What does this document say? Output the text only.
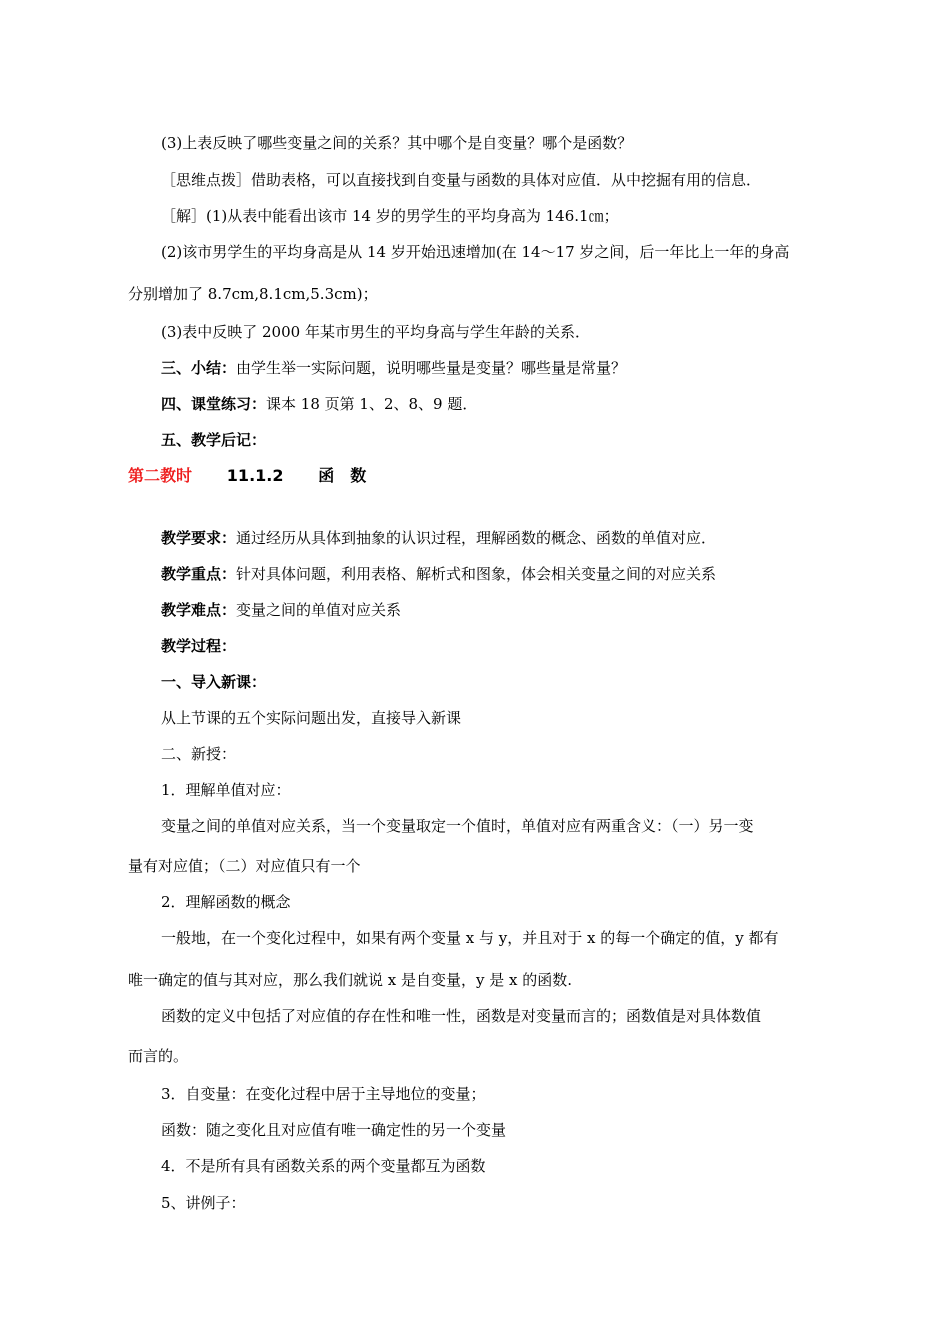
(3)上表反映了哪些变量之间的关系？其中哪个是自变量？哪个是函数？
［思维点拨］借助表格，可以直接找到自变量与函数的具体对应值．从中挖掘有用的信息．
［解］(1)从表中能看出该市 14 岁的男学生的平均身高为 146.1㎝；
(2)该市男学生的平均身高是从 14 岁开始迅速增加(在 14～17 岁之间，后一年比上一年的身高
分别增加了 8.7cm,8.1cm,5.3cm)；
(3)表中反映了 2000 年某市男生的平均身高与学生年龄的关系．
三、小结：由学生举一实际问题，说明哪些量是变量？哪些量是常量？
四、课堂练习：课本 18 页第 1、2、8、9 题．
五、教学后记：
第二教时 11.1.2 函　数
教学要求：通过经历从具体到抽象的认识过程，理解函数的概念、函数的单值对应．
教学重点：针对具体问题，利用表格、解析式和图象，体会相关变量之间的对应关系
教学难点：变量之间的单值对应关系
教学过程：
一、导入新课：
从上节课的五个实际问题出发，直接导入新课
二、新授：
1．理解单值对应：
变量之间的单值对应关系，当一个变量取定一个值时，单值对应有两重含义：（一）另一变
量有对应值；（二）对应值只有一个
2．理解函数的概念
一般地，在一个变化过程中，如果有两个变量 x 与 y，并且对于 x 的每一个确定的值，y 都有
唯一确定的值与其对应，那么我们就说 x 是自变量，y 是 x 的函数.
函数的定义中包括了对应值的存在性和唯一性，函数是对变量而言的；函数值是对具体数值
而言的。
3．自变量：在变化过程中居于主导地位的变量；
函数：随之变化且对应值有唯一确定性的另一个变量
4．不是所有具有函数关系的两个变量都互为函数
5、讲例子：
